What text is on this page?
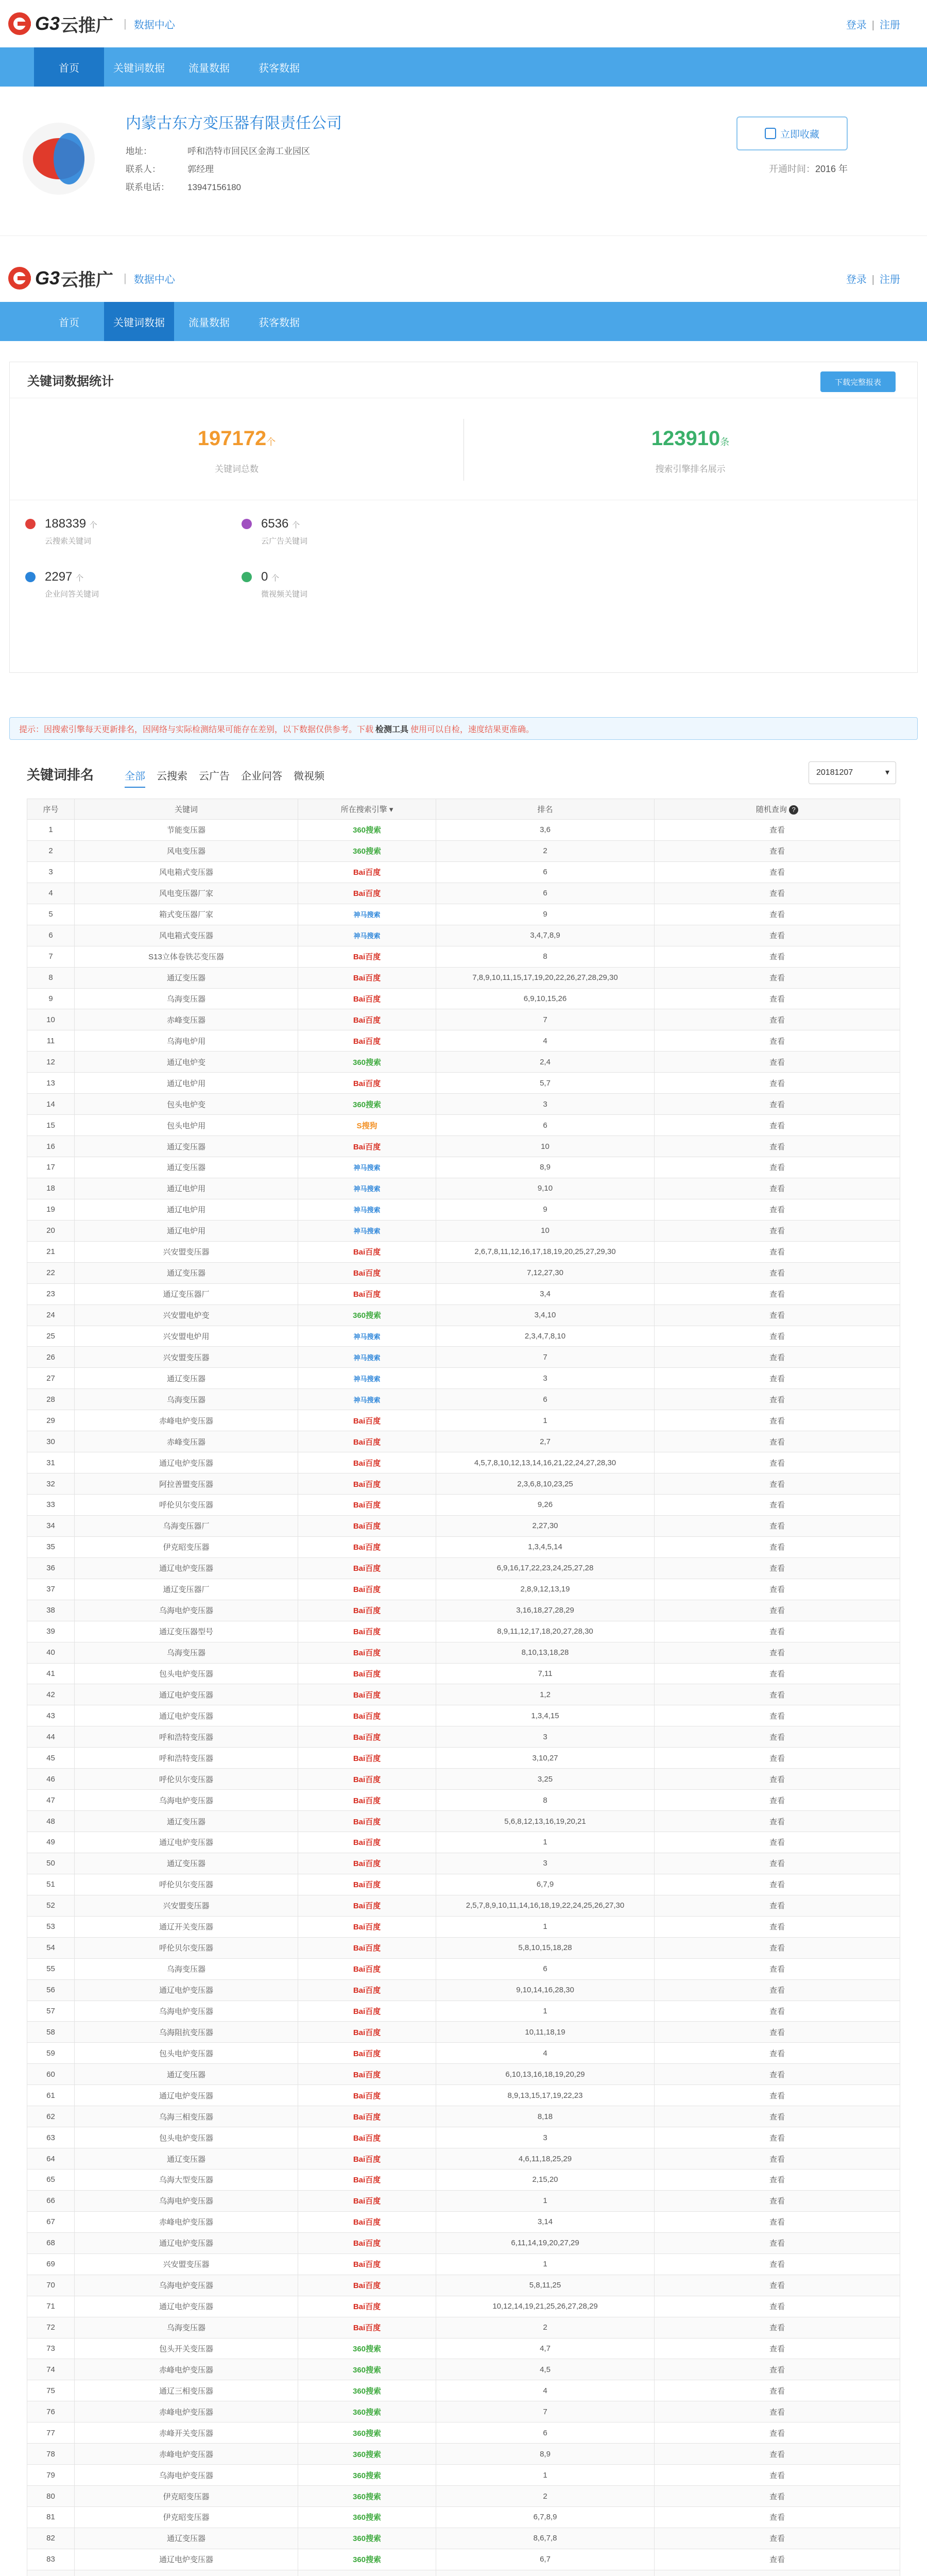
G3 云推广 | 数据中心	登录 | 注册
首页	关键词数据	流量数据	获客数据
内蒙古东方变压器有限责任公司
地址：	呼和浩特市回民区金海工业园区
联系人：	郭经理
联系电话： 13947156180
立即收藏
开通时间：2016 年
G3 云推广 | 数据中心	登录 | 注册
首页	关键词数据	流量数据	获客数据
关键词数据统计	下载完整报表
197172个
关键词总数
123910条
搜索引擎排名展示
188339 个
云搜索关键词
6536 个
云广告关键词
2297 个
企业问答关键词
0 个
微视频关键词
提示：因搜索引擎每天更新排名，因网络与实际检测结果可能存在差别，以下数据仅供参考。下载 检测工具 使用可以自检，速度结果更准确。
关键词排名	全部 云搜索 云广告 企业问答 微视频	20181207 ▾
序号	关键词	所在搜索引擎 ▾	排名	随机查询 ?
1	节能变压器	360搜索	3,6	查看
2	风电变压器	360搜索	2	查看
3	风电箱式变压器	Bai百度	6	查看
4	风电变压器厂家	Bai百度	6	查看
5	箱式变压器厂家	神马搜索	9	查看
6	风电箱式变压器	神马搜索	3,4,7,8,9	查看
7	S13立体卷铁芯变压器	Bai百度	8	查看
8	通辽变压器	Bai百度	7,8,9,10,11,15,17,19,20,22,26,27,28,29,30	查看
9	乌海变压器	Bai百度	6,9,10,15,26	查看
10	赤峰变压器	Bai百度	7	查看
11	乌海电炉用	Bai百度	4	查看
12	通辽电炉变	360搜索	2,4	查看
13	通辽电炉用	Bai百度	5,7	查看
14	包头电炉变	360搜索	3	查看
15	包头电炉用	S搜狗	6	查看
16	通辽变压器	Bai百度	10	查看
17	通辽变压器	神马搜索	8,9	查看
18	通辽电炉用	神马搜索	9,10	查看
19	通辽电炉用	神马搜索	9	查看
20	通辽电炉用	神马搜索	10	查看
21	兴安盟变压器	Bai百度	2,6,7,8,11,12,16,17,18,19,20,25,27,29,30	查看
22	通辽变压器	Bai百度	7,12,27,30	查看
23	通辽变压器厂	Bai百度	3,4	查看
24	兴安盟电炉变	360搜索	3,4,10	查看
25	兴安盟电炉用	神马搜索	2,3,4,7,8,10	查看
26	兴安盟变压器	神马搜索	7	查看
27	通辽变压器	神马搜索	3	查看
28	乌海变压器	神马搜索	6	查看
29	赤峰电炉变压器	Bai百度	1	查看
30	赤峰变压器	Bai百度	2,7	查看
31	通辽电炉变压器	Bai百度	4,5,7,8,10,12,13,14,16,21,22,24,27,28,30	查看
32	阿拉善盟变压器	Bai百度	2,3,6,8,10,23,25	查看
33	呼伦贝尔变压器	Bai百度	9,26	查看
34	乌海变压器厂	Bai百度	2,27,30	查看
35	伊克昭变压器	Bai百度	1,3,4,5,14	查看
36	通辽电炉变压器	Bai百度	6,9,16,17,22,23,24,25,27,28	查看
37	通辽变压器厂	Bai百度	2,8,9,12,13,19	查看
38	乌海电炉变压器	Bai百度	3,16,18,27,28,29	查看
39	通辽变压器型号	Bai百度	8,9,11,12,17,18,20,27,28,30	查看
40	乌海变压器	Bai百度	8,10,13,18,28	查看
41	包头电炉变压器	Bai百度	7,11	查看
42	通辽电炉变压器	Bai百度	1,2	查看
43	通辽电炉变压器	Bai百度	1,3,4,15	查看
44	呼和浩特变压器	Bai百度	3	查看
45	呼和浩特变压器	Bai百度	3,10,27	查看
46	呼伦贝尔变压器	Bai百度	3,25	查看
47	乌海电炉变压器	Bai百度	8	查看
48	通辽变压器	Bai百度	5,6,8,12,13,16,19,20,21	查看
49	通辽电炉变压器	Bai百度	1	查看
50	通辽变压器	Bai百度	3	查看
51	呼伦贝尔变压器	Bai百度	6,7,9	查看
52	兴安盟变压器	Bai百度	2,5,7,8,9,10,11,14,16,18,19,22,24,25,26,27,30	查看
53	通辽开关变压器	Bai百度	1	查看
54	呼伦贝尔变压器	Bai百度	5,8,10,15,18,28	查看
55	乌海变压器	Bai百度	6	查看
56	通辽电炉变压器	Bai百度	9,10,14,16,28,30	查看
57	乌海电炉变压器	Bai百度	1	查看
58	乌海阻抗变压器	Bai百度	10,11,18,19	查看
59	包头电炉变压器	Bai百度	4	查看
60	通辽变压器	Bai百度	6,10,13,16,18,19,20,29	查看
61	通辽电炉变压器	Bai百度	8,9,13,15,17,19,22,23	查看
62	乌海三相变压器	Bai百度	8,18	查看
63	包头电炉变压器	Bai百度	3	查看
64	通辽变压器	Bai百度	4,6,11,18,25,29	查看
65	乌海大型变压器	Bai百度	2,15,20	查看
66	乌海电炉变压器	Bai百度	1	查看
67	赤峰电炉变压器	Bai百度	3,14	查看
68	通辽电炉变压器	Bai百度	6,11,14,19,20,27,29	查看
69	兴安盟变压器	Bai百度	1	查看
70	乌海电炉变压器	Bai百度	5,8,11,25	查看
71	通辽电炉变压器	Bai百度	10,12,14,19,21,25,26,27,28,29	查看
72	乌海变压器	Bai百度	2	查看
73	包头开关变压器	360搜索	4,7	查看
74	赤峰电炉变压器	360搜索	4,5	查看
75	通辽三相变压器	360搜索	4	查看
76	赤峰电炉变压器	360搜索	7	查看
77	赤峰开关变压器	360搜索	6	查看
78	赤峰电炉变压器	360搜索	8,9	查看
79	乌海电炉变压器	360搜索	1	查看
80	伊克昭变压器	360搜索	2	查看
81	伊克昭变压器	360搜索	6,7,8,9	查看
82	通辽变压器	360搜索	8,6,7,8	查看
83	通辽电炉变压器	360搜索	6,7	查看
